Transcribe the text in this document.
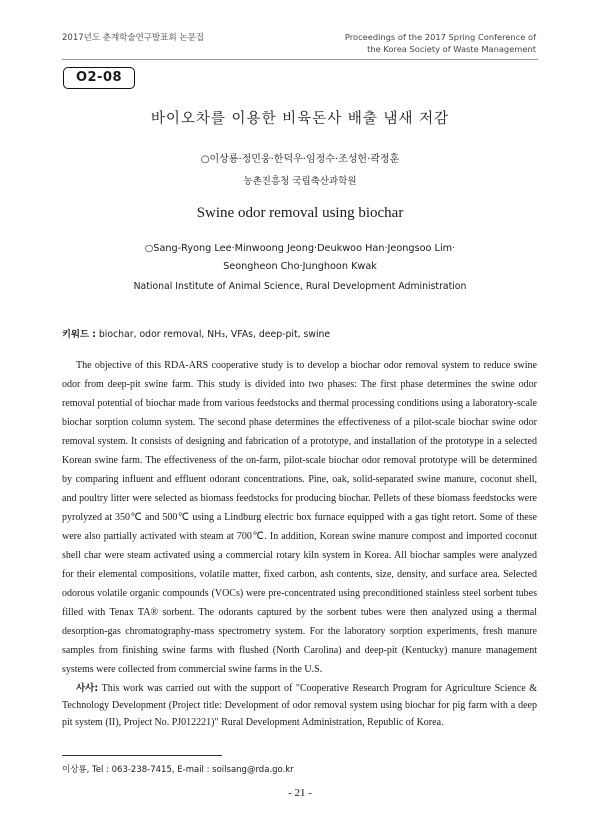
2017년도 춘계학술연구발표회 논문집	Proceedings of the 2017 Spring Conference of
the Korea Society of Waste Management
O2-08
바이오차를 이용한 비육돈사 배출 냄새 저감
○이상룡·정민웅·한덕우·임정수·조성헌·곽정훈
농촌진흥청 국립축산과학원
Swine odor removal using biochar
○Sang-Ryong Lee·Minwoong Jeong·Deukwoo Han·Jeongsoo Lim·
Seongheon Cho·Junghoon Kwak
National Institute of Animal Science, Rural Development Administration
키워드 : biochar, odor removal, NH₃, VFAs, deep-pit, swine

The objective of this RDA-ARS cooperative study is to develop a biochar odor removal system to reduce swine odor from deep-pit swine farm. This study is divided into two phases: The first phase determines the swine odor removal potential of biochar made from various feedstocks and thermal processing conditions using a laboratory-scale biochar sorption column system. The second phase determines the effectiveness of a pilot-scale biochar swine odor removal system. It consists of designing and fabrication of a prototype, and installation of the prototype in a selected Korean swine farm. The effectiveness of the on-farm, pilot-scale biochar odor removal prototype will be determined by comparing influent and effluent odorant concentrations. Pine, oak, solid-separated swine manure, coconut shell, and poultry litter were selected as biomass feedstocks for producing biochar. Pellets of these biomass feedstocks were pyrolyzed at 350℃ and 500℃ using a Lindburg electric box furnace equipped with a gas tight retort. Some of these were also partially activated with steam at 700℃. In addition, Korean swine manure compost and imported coconut shell char were steam activated using a commercial rotary kiln system in Korea. All biochar samples were analyzed for their elemental compositions, volatile matter, fixed carbon, ash contents, size, density, and surface area. Selected odorous volatile organic compounds (VOCs) were pre-concentrated using preconditioned stainless steel sorbent tubes filled with Tenax TA® sorbent. The odorants captured by the sorbent tubes were then analyzed using a thermal desorption-gas chromatography-mass spectrometry system. For the laboratory sorption experiments, fresh manure samples from finishing swine farms with flushed (North Carolina) and deep-pit (Kentucky) manure management systems were collected from commercial swine farms in the U.S.

사사: This work was carried out with the support of "Cooperative Research Program for Agriculture Science & Technology Development (Project title: Development of odor removal system using biochar for pig farm with a deep pit system (II), Project No. PJ012221)" Rural Development Administration, Republic of Korea.

이상룡, Tel : 063-238-7415, E-mail : soilsang@rda.go.kr
- 21 -
